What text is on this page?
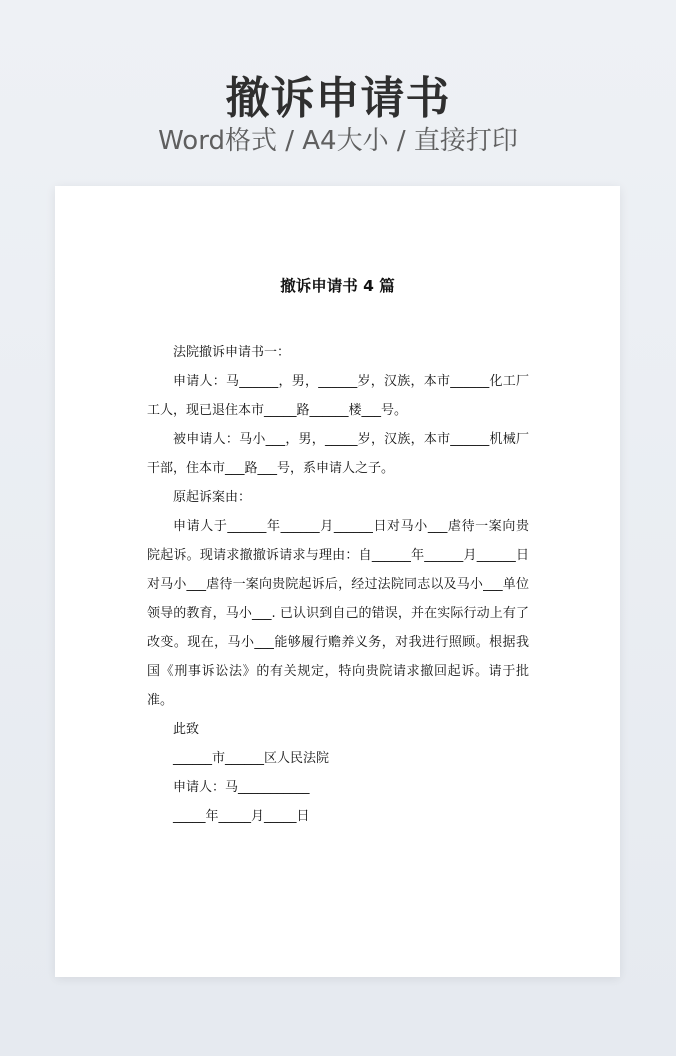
撤诉申请书
Word格式 / A4大小 / 直接打印
撤诉申请书 4 篇

法院撤诉申请书一：

申请人：马______，男，______岁，汉族，本市______化工厂工人，现已退住本市_____路______楼___号。

被申请人：马小___，男，_____岁，汉族，本市______机械厂干部，住本市___路___号，系申请人之子。

原起诉案由：

申请人于______年______月______日对马小___虐待一案向贵院起诉。现请求撤撤诉请求与理由：自______年______月______日对马小___虐待一案向贵院起诉后，经过法院同志以及马小___单位领导的教育，马小___. 已认识到自己的错误，并在实际行动上有了改变。现在，马小___能够履行赡养义务，对我进行照顾。根据我国《刑事诉讼法》的有关规定，特向贵院请求撤回起诉。请于批准。

此致

______市______区人民法院

申请人：马___________

_____年_____月_____日
